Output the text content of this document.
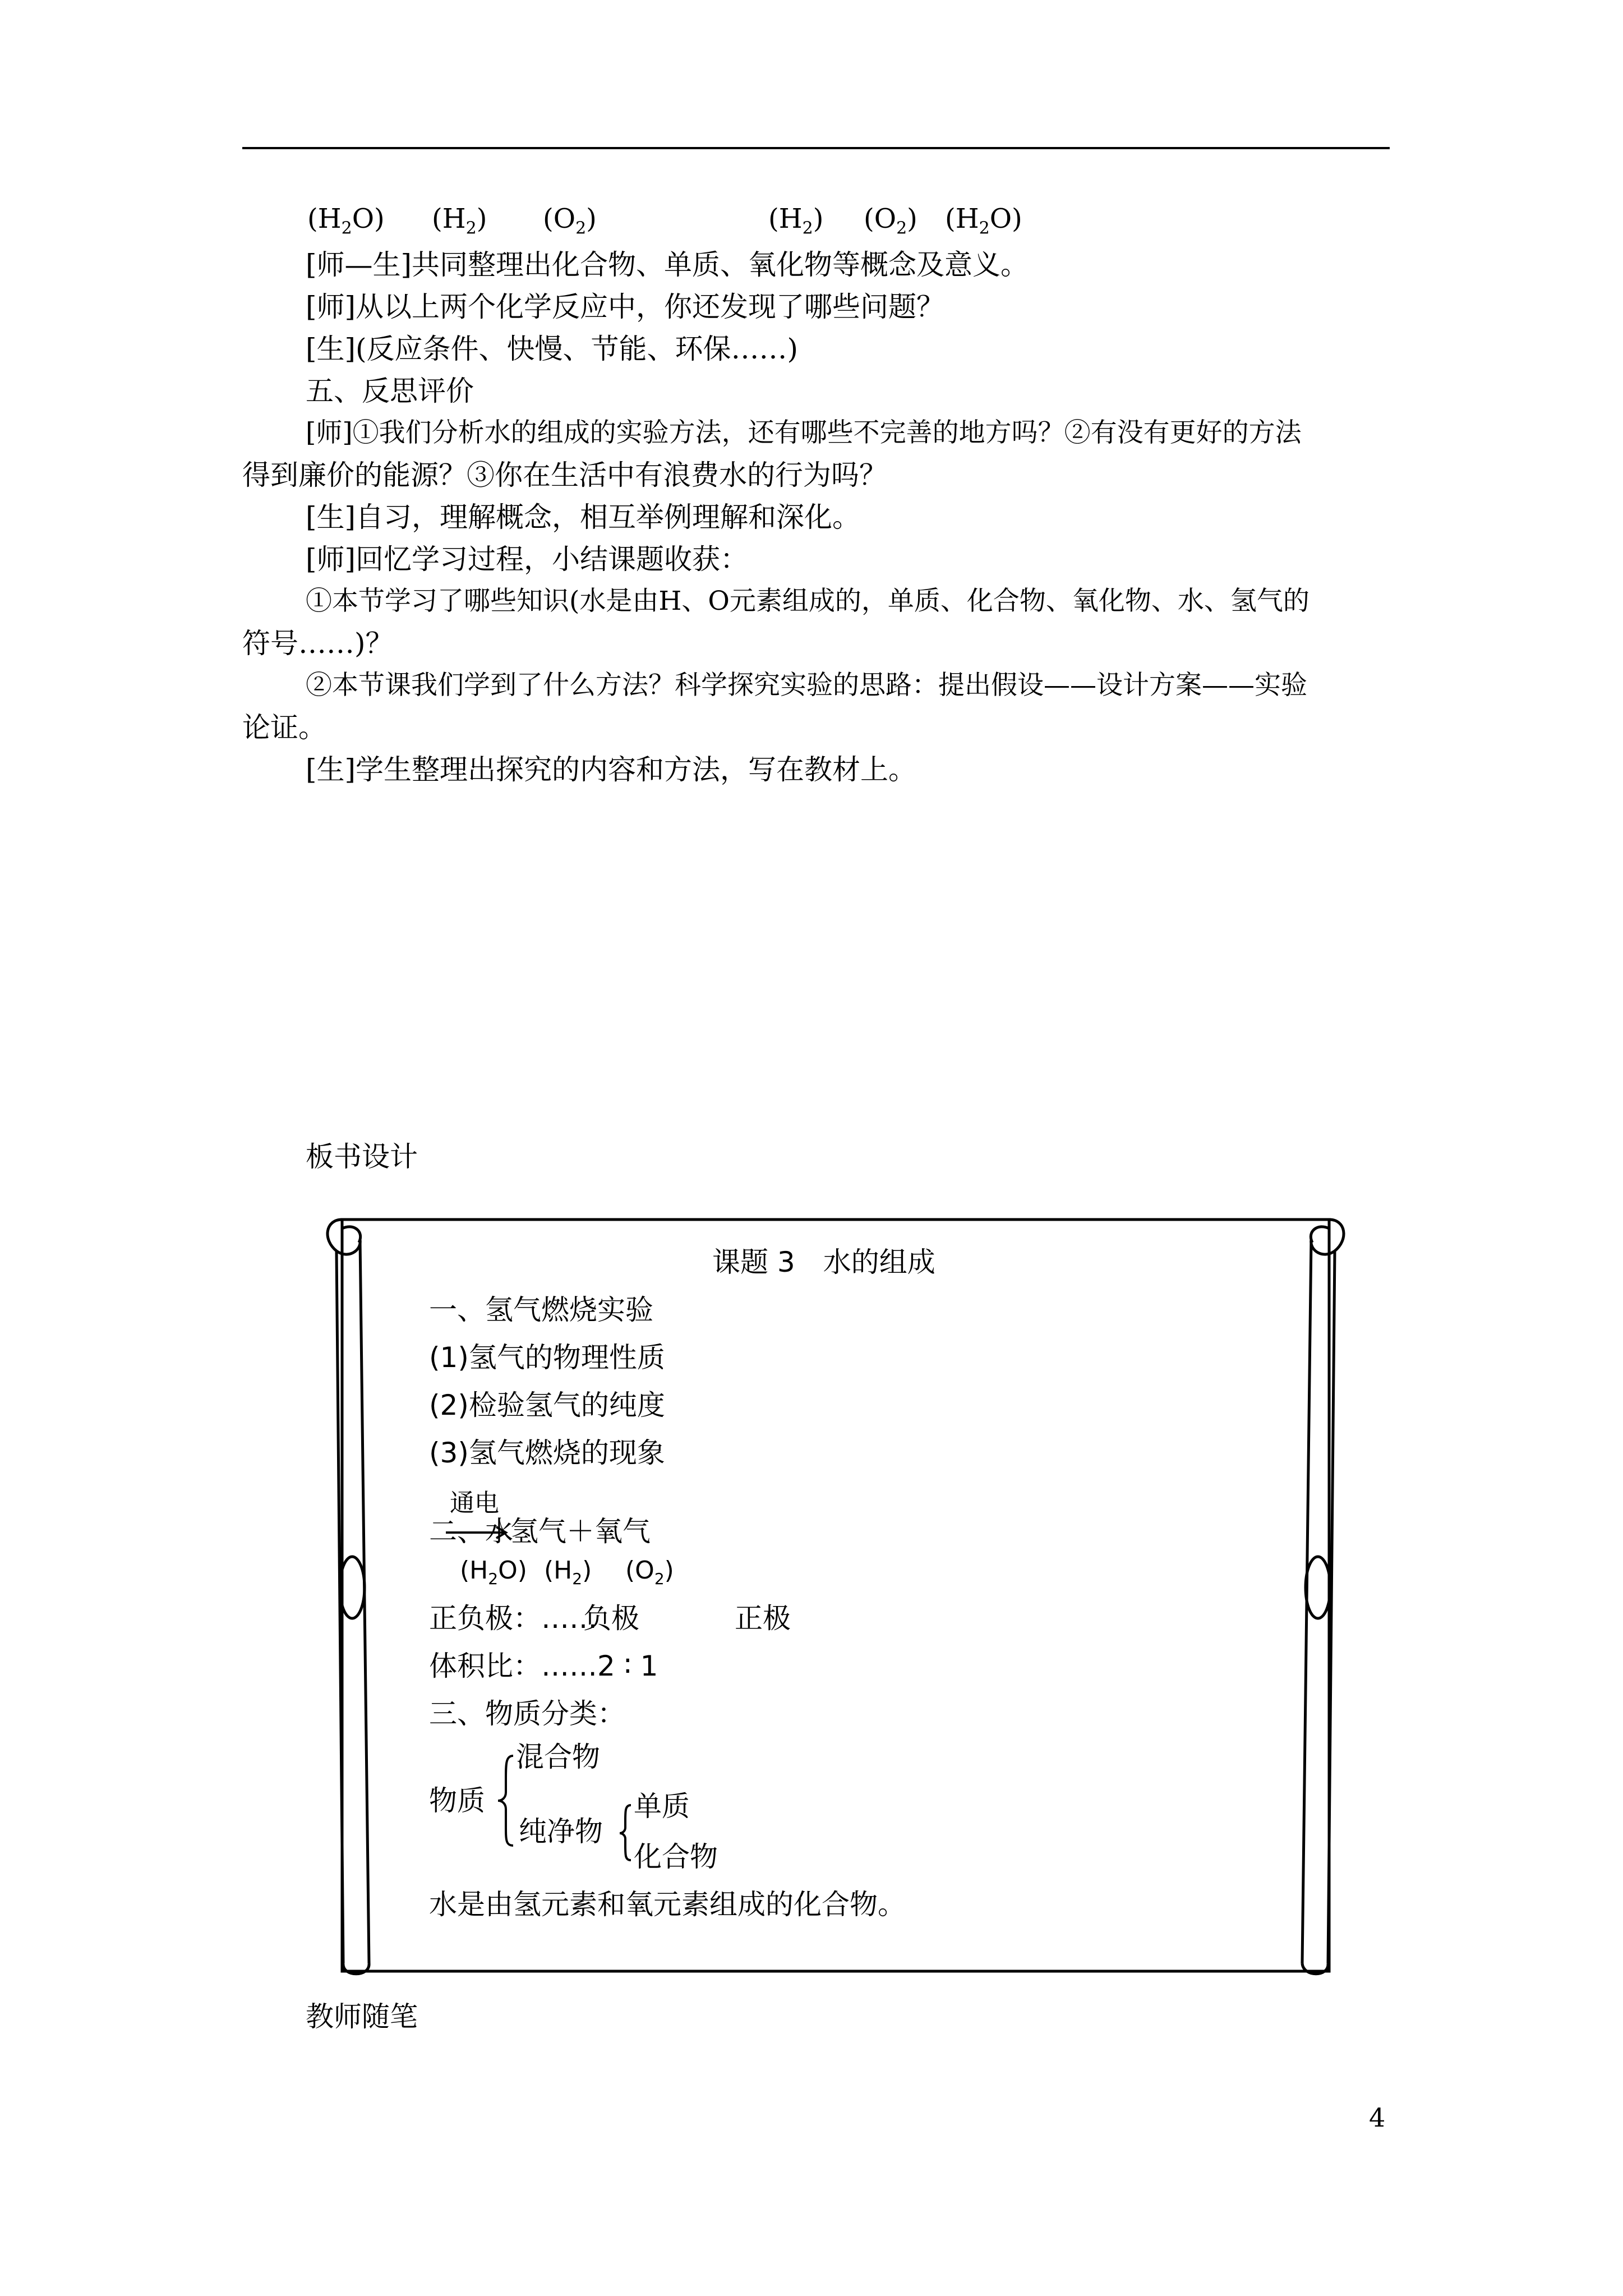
$(H_2O)$ $(H_2)$ $(O_2)$	$(H_2)$ $(O_2)$ $(H_2O)$
[师—生]共同整理出化合物、单质、氧化物等概念及意义。
[师]从以上两个化学反应中，你还发现了哪些问题？
[生](反应条件、快慢、节能、环保……)
五、反思评价
[师]①我们分析水的组成的实验方法，还有哪些不完善的地方吗？②有没有更好的方法
得到廉价的能源？③你在生活中有浪费水的行为吗？
[生]自习，理解概念，相互举例理解和深化。
[师]回忆学习过程，小结课题收获：
①本节学习了哪些知识(水是由H、O元素组成的，单质、化合物、氧化物、水、氢气的
符号……)？
②本节课我们学到了什么方法？科学探究实验的思路：提出假设——设计方案——实验
论证。
[生]学生整理出探究的内容和方法，写在教材上。
板书设计
课题 3　水的组成
一、氢气燃烧实验
(1)氢气的物理性质
(2)检验氢气的纯度
(3)氢气燃烧的现象
通电
二、水
氢气＋氧气
$(H_2O)$ $(H_2)$ $(O_2)$
正负极：……
负极	正极
体积比：……2 ∶ 1
三、物质分类：
混合物
物质	单质
纯净物
化合物
水是由氢元素和氧元素组成的化合物。
教师随笔
4
